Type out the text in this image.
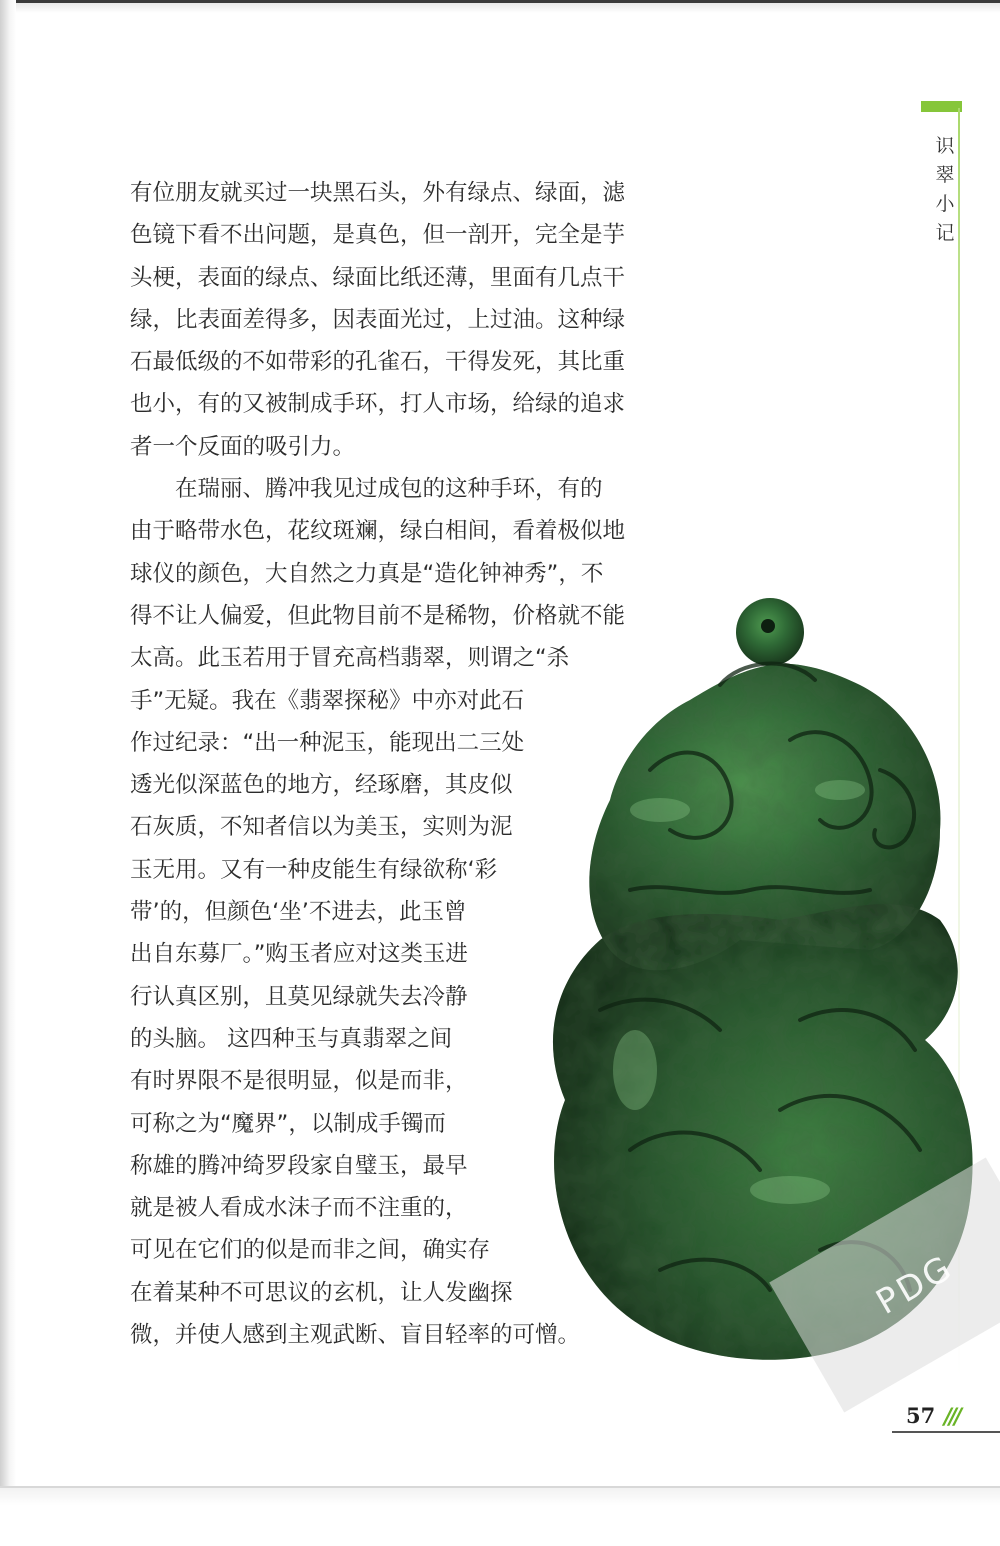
识
翠
小
记
有位朋友就买过一块黑石头，外有绿点、绿面，滤
色镜下看不出问题，是真色，但一剖开，完全是芋
头梗，表面的绿点、绿面比纸还薄，里面有几点干
绿，比表面差得多，因表面光过，上过油。这种绿
石最低级的不如带彩的孔雀石，干得发死，其比重
也小，有的又被制成手环，打人市场，给绿的追求
者一个反面的吸引力。
　　在瑞丽、腾冲我见过成包的这种手环，有的
由于略带水色，花纹斑斓，绿白相间，看着极似地
球仪的颜色，大自然之力真是“造化钟神秀”，不
得不让人偏爱，但此物目前不是稀物，价格就不能
太高。此玉若用于冒充高档翡翠，则谓之“杀
手”无疑。我在《翡翠探秘》中亦对此石
作过纪录：“出一种泥玉，能现出二三处
透光似深蓝色的地方，经琢磨，其皮似
石灰质，不知者信以为美玉，实则为泥
玉无用。又有一种皮能生有绿欲称‘彩
带’的，但颜色‘坐’不进去，此玉曾
出自东募厂。”购玉者应对这类玉进
行认真区别，且莫见绿就失去冷静
的头脑。 这四种玉与真翡翠之间
有时界限不是很明显，似是而非，
可称之为“魔界”，以制成手镯而
称雄的腾冲绮罗段家自璧玉，最早
就是被人看成水沫子而不注重的，
可见在它们的似是而非之间，确实存
在着某种不可思议的玄机，让人发幽探
微，并使人感到主观武断、盲目轻率的可憎。
PDG
57 ///
